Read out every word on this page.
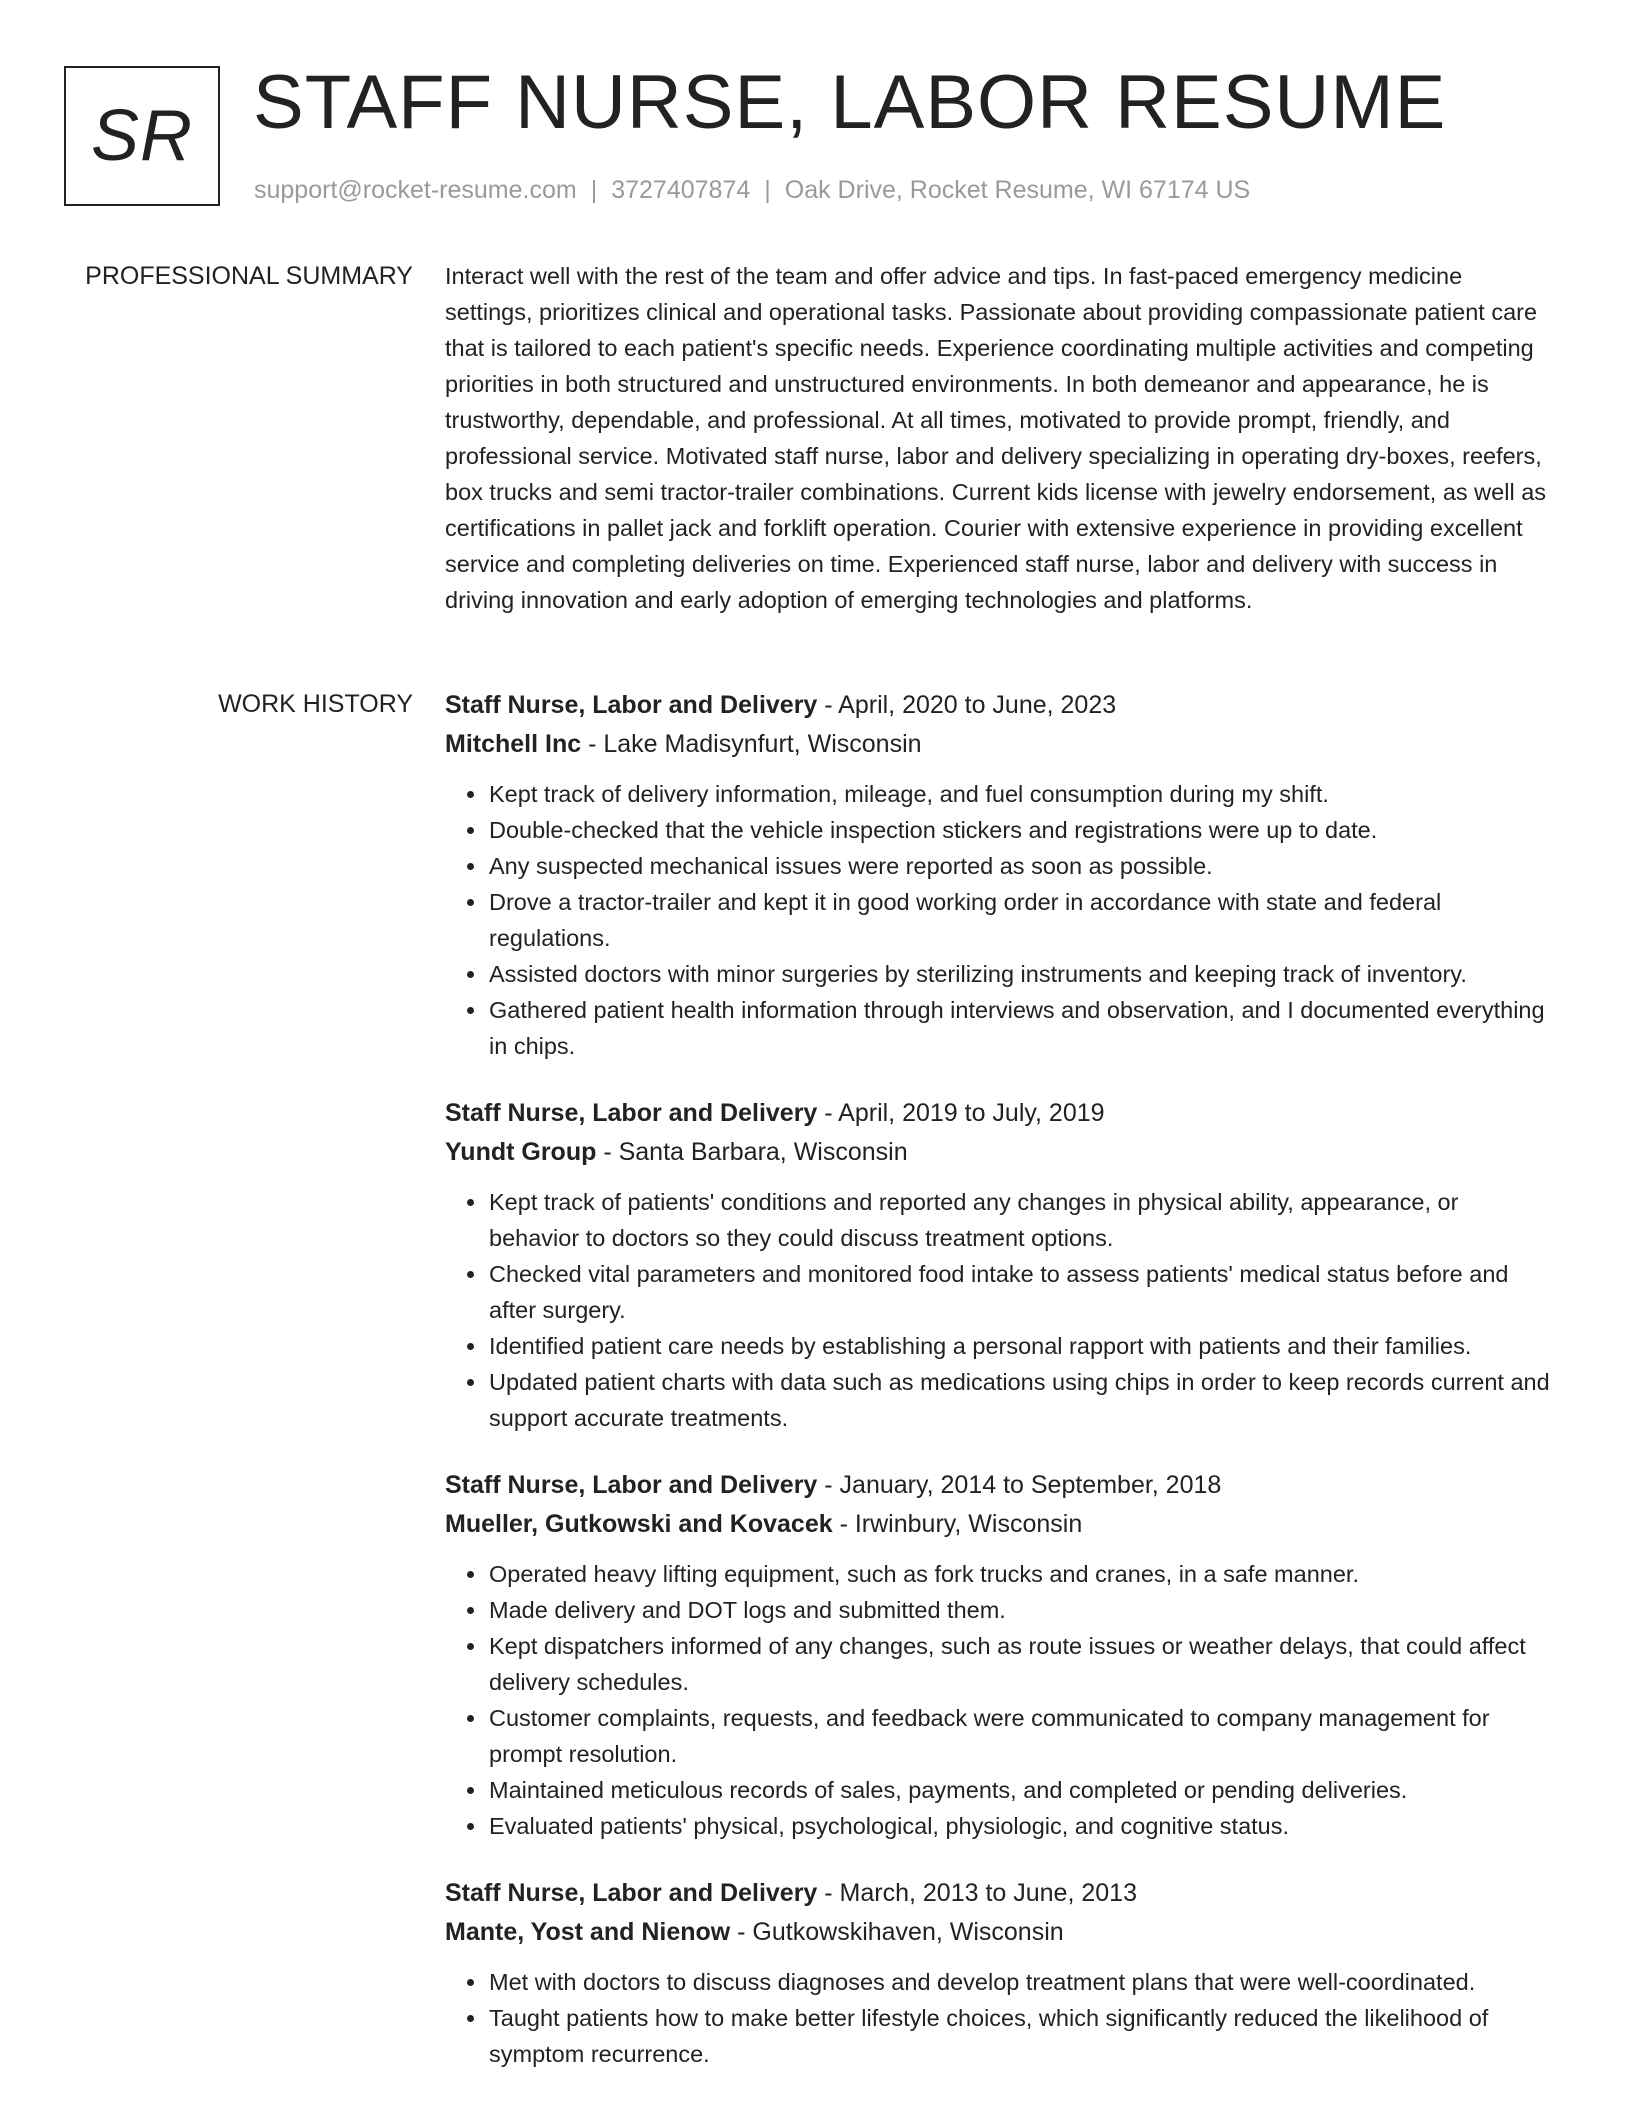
SR STAFF NURSE, LABOR RESUME
support@rocket-resume.com | 3727407874 | Oak Drive, Rocket Resume, WI 67174 US
PROFESSIONAL SUMMARY Interact well with the rest of the team and offer advice and tips. In fast-paced emergency medicine settings, prioritizes clinical and operational tasks. Passionate about providing compassionate patient care that is tailored to each patient's specific needs. Experience coordinating multiple activities and competing priorities in both structured and unstructured environments. In both demeanor and appearance, he is trustworthy, dependable, and professional. At all times, motivated to provide prompt, friendly, and professional service. Motivated staff nurse, labor and delivery specializing in operating dry-boxes, reefers, box trucks and semi tractor-trailer combinations. Current kids license with jewelry endorsement, as well as certifications in pallet jack and forklift operation. Courier with extensive experience in providing excellent service and completing deliveries on time. Experienced staff nurse, labor and delivery with success in driving innovation and early adoption of emerging technologies and platforms.
WORK HISTORY Staff Nurse, Labor and Delivery - April, 2020 to June, 2023
Mitchell Inc - Lake Madisynfurt, Wisconsin
• Kept track of delivery information, mileage, and fuel consumption during my shift.
• Double-checked that the vehicle inspection stickers and registrations were up to date.
• Any suspected mechanical issues were reported as soon as possible.
• Drove a tractor-trailer and kept it in good working order in accordance with state and federal regulations.
• Assisted doctors with minor surgeries by sterilizing instruments and keeping track of inventory.
• Gathered patient health information through interviews and observation, and I documented everything in chips.
Staff Nurse, Labor and Delivery - April, 2019 to July, 2019
Yundt Group - Santa Barbara, Wisconsin
• Kept track of patients' conditions and reported any changes in physical ability, appearance, or behavior to doctors so they could discuss treatment options.
• Checked vital parameters and monitored food intake to assess patients' medical status before and after surgery.
• Identified patient care needs by establishing a personal rapport with patients and their families.
• Updated patient charts with data such as medications using chips in order to keep records current and support accurate treatments.
Staff Nurse, Labor and Delivery - January, 2014 to September, 2018
Mueller, Gutkowski and Kovacek - Irwinbury, Wisconsin
• Operated heavy lifting equipment, such as fork trucks and cranes, in a safe manner.
• Made delivery and DOT logs and submitted them.
• Kept dispatchers informed of any changes, such as route issues or weather delays, that could affect delivery schedules.
• Customer complaints, requests, and feedback were communicated to company management for prompt resolution.
• Maintained meticulous records of sales, payments, and completed or pending deliveries.
• Evaluated patients' physical, psychological, physiologic, and cognitive status.
Staff Nurse, Labor and Delivery - March, 2013 to June, 2013
Mante, Yost and Nienow - Gutkowskihaven, Wisconsin
• Met with doctors to discuss diagnoses and develop treatment plans that were well-coordinated.
• Taught patients how to make better lifestyle choices, which significantly reduced the likelihood of symptom recurrence.
